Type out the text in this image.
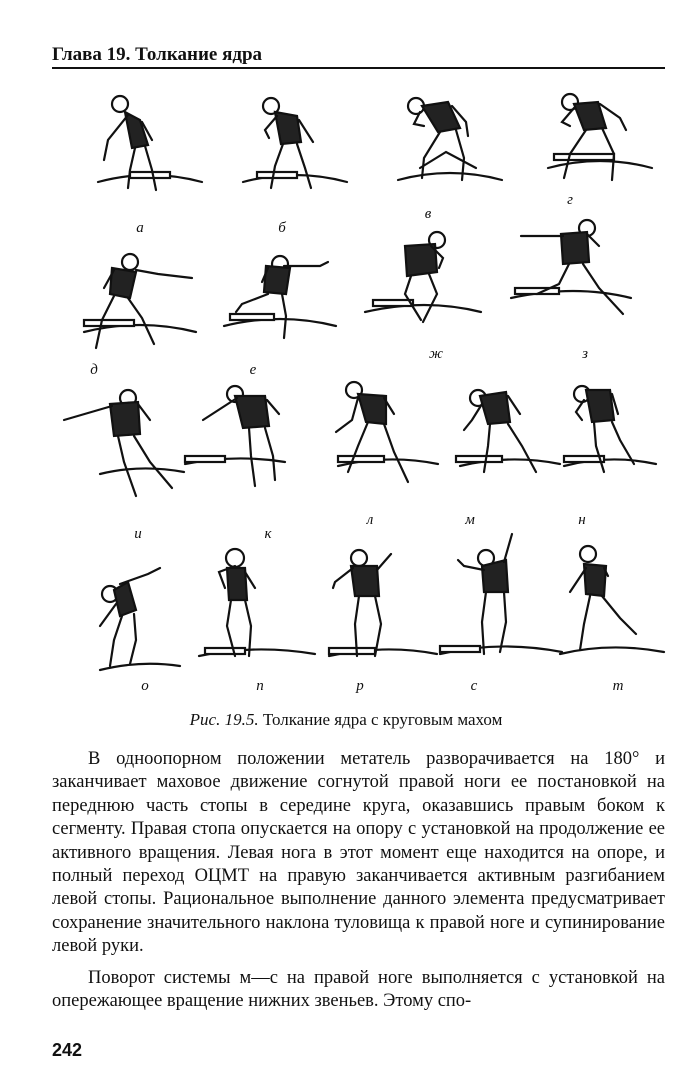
Глава 19. Толкание ядра
а	б
в
г
д	е
ж	з
и	к
л	м	н
о	п	р	с	т
Рис. 19.5. Толкание ядра с круговым махом

В одноопорном положении метатель разворачивается на 180° и заканчивает маховое движение согнутой правой ноги ее постановкой на переднюю часть стопы в середине круга, оказавшись правым боком к сегменту. Правая стопа опускается на опору с установкой на продолжение ее активного вращения. Левая нога в этот момент еще находится на опоре, и полный переход ОЦМТ на правую заканчивается активным разгибанием левой стопы. Рациональное выполнение данного элемента предусматривает сохранение значительного наклона туловища к правой ноге и супинирование левой руки.

Поворот системы м—с на правой ноге выполняется с установкой на опережающее вращение нижних звеньев. Этому спо-

242
